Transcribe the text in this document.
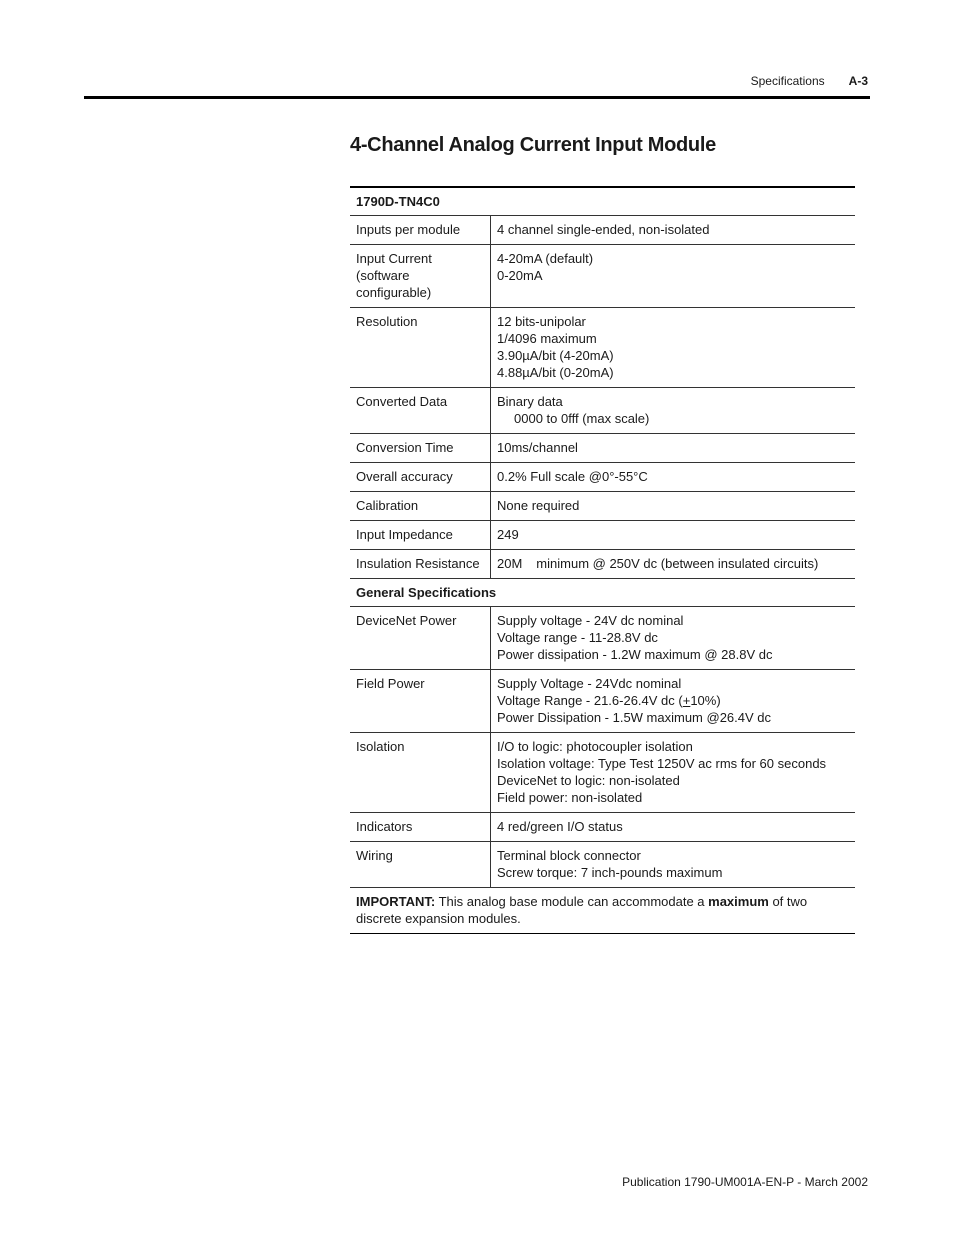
Specifications A-3
4-Channel Analog Current Input Module
1790D-TN4C0	
Inputs per module	4 channel single-ended, non-isolated

Input Current (software configurable)	4-20mA (default)
0-20mA

Resolution	12 bits-unipolar
1/4096 maximum
3.90µA/bit (4-20mA)
4.88µA/bit (0-20mA)

Converted Data	Binary data
0000 to 0fff (max scale)

Conversion Time	10ms/channel

Overall accuracy	0.2% Full scale @0°-55°C

Calibration	None required

Input Impedance	249

Insulation Resistance	20M minimum @ 250V dc (between insulated circuits)
General Specifications	
DeviceNet Power	Supply voltage - 24V dc nominal
Voltage range - 11-28.8V dc
Power dissipation - 1.2W maximum @ 28.8V dc

Field Power	Supply Voltage - 24Vdc nominal
Voltage Range - 21.6-26.4V dc (+10%)
Power Dissipation - 1.5W maximum @26.4V dc

Isolation	I/O to logic: photocoupler isolation
Isolation voltage: Type Test 1250V ac rms for 60 seconds
DeviceNet to logic: non-isolated
Field power: non-isolated

Indicators	4 red/green I/O status

Wiring	Terminal block connector
Screw torque: 7 inch-pounds maximum

IMPORTANT: This analog base module can accommodate a maximum of two discrete expansion modules.	
Publication 1790-UM001A-EN-P - March 2002
